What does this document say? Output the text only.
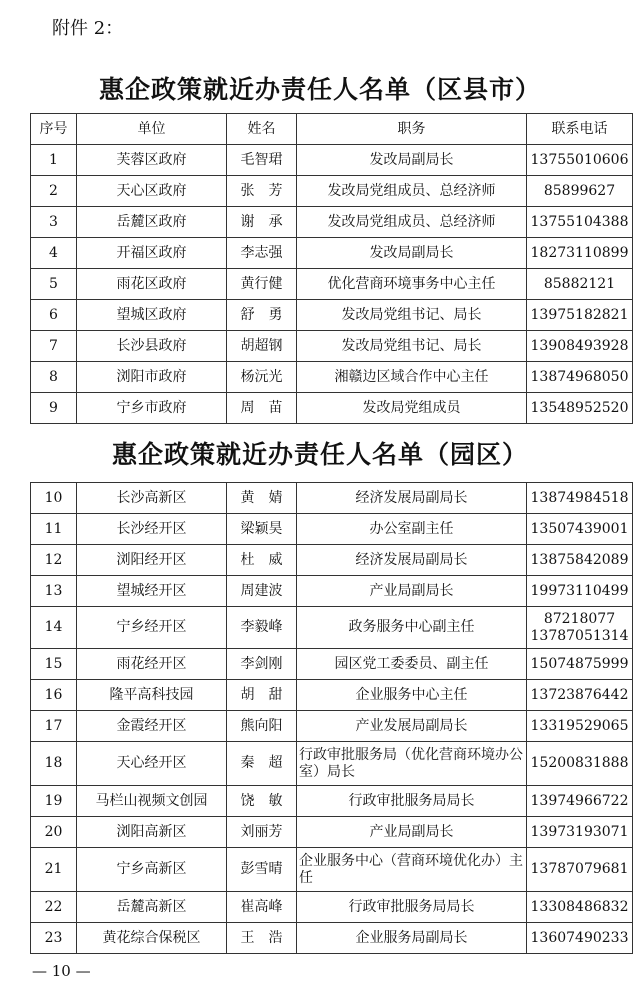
附件 2：
惠企政策就近办责任人名单（区县市）
序号	单位	姓名	职务	联系电话
1	芙蓉区政府	毛智珺	发改局副局长	13755010606
2	天心区政府	张　芳	发改局党组成员、总经济师	85899627
3	岳麓区政府	谢　承	发改局党组成员、总经济师	13755104388
4	开福区政府	李志强	发改局副局长	18273110899
5	雨花区政府	黄行健	优化营商环境事务中心主任	85882121
6	望城区政府	舒　勇	发改局党组书记、局长	13975182821
7	长沙县政府	胡超钢	发改局党组书记、局长	13908493928
8	浏阳市政府	杨沅光	湘赣边区域合作中心主任	13874968050
9	宁乡市政府	周　苗	发改局党组成员	13548952520
惠企政策就近办责任人名单（园区）
10	长沙高新区	黄　婧	经济发展局副局长	13874984518
11	长沙经开区	梁颖昊	办公室副主任	13507439001
12	浏阳经开区	杜　威	经济发展局副局长	13875842089
13	望城经开区	周建波	产业局副局长	19973110499
14	宁乡经开区	李毅峰	政务服务中心副主任	87218077
13787051314
15	雨花经开区	李剑刚	园区党工委委员、副主任	15074875999
16	隆平高科技园	胡　甜	企业服务中心主任	13723876442
17	金霞经开区	熊向阳	产业发展局副局长	13319529065
18	天心经开区	秦　超	行政审批服务局（优化营商环境办公室）局长	15200831888
19	马栏山视频文创园	饶　敏	行政审批服务局局长	13974966722
20	浏阳高新区	刘丽芳	产业局副局长	13973193071
21	宁乡高新区	彭雪晴	企业服务中心（营商环境优化办）主任	13787079681
22	岳麓高新区	崔高峰	行政审批服务局局长	13308486832
23	黄花综合保税区	王　浩	企业服务局副局长	13607490233
— 10 —
